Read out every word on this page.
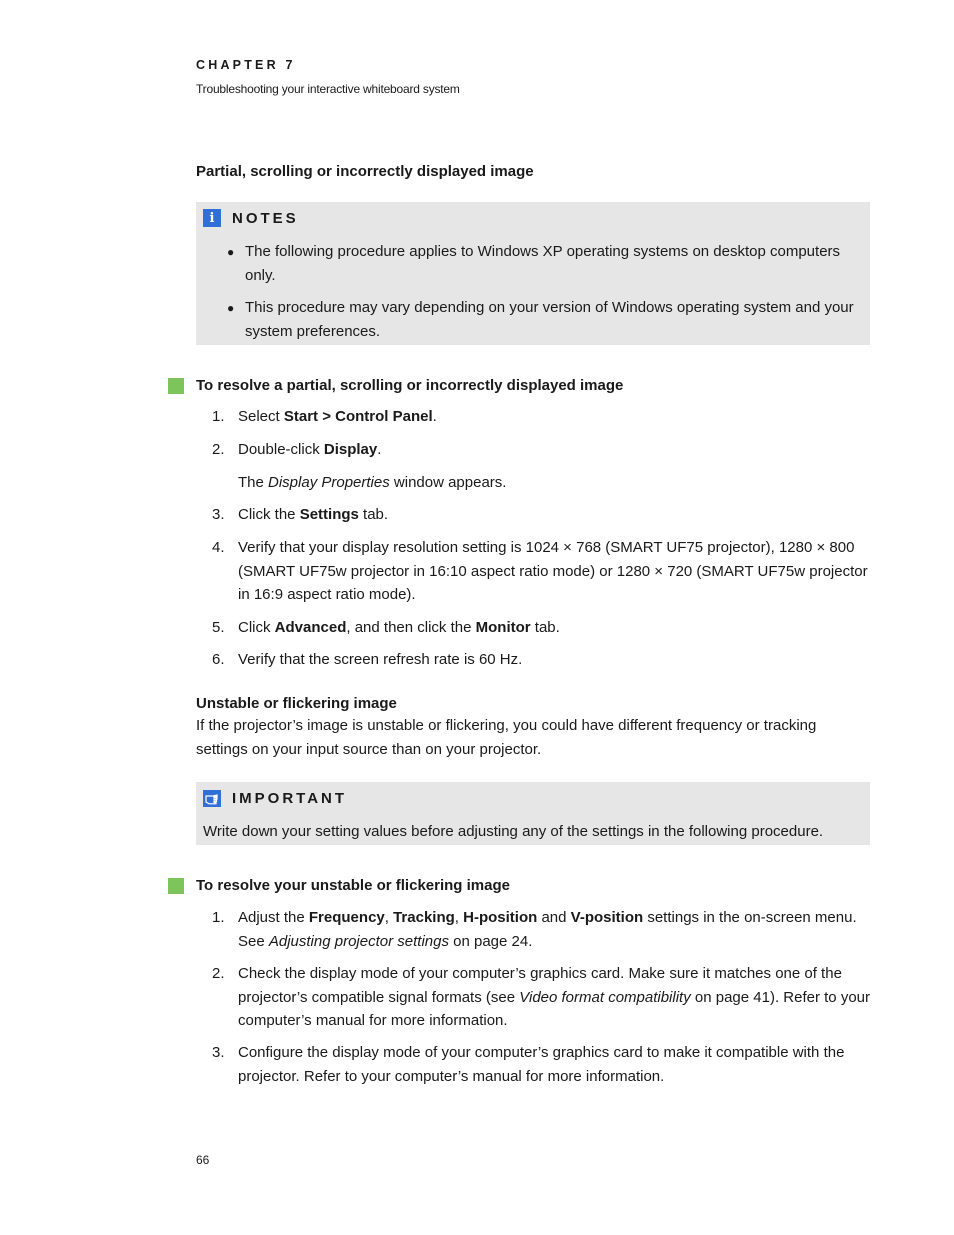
CHAPTER 7
Troubleshooting your interactive whiteboard system
Partial, scrolling or incorrectly displayed image
i	NOTES
● The following procedure applies to Windows XP operating systems on desktop computers only.
● This procedure may vary depending on your version of Windows operating system and your system preferences.
To resolve a partial, scrolling or incorrectly displayed image
1. Select Start > Control Panel.
2. Double-click Display.
The Display Properties window appears.
3. Click the Settings tab.
4. Verify that your display resolution setting is 1024 × 768 (SMART UF75 projector), 1280 × 800 (SMART UF75w projector in 16:10 aspect ratio mode) or 1280 × 720 (SMART UF75w projector in 16:9 aspect ratio mode).
5. Click Advanced, and then click the Monitor tab.
6. Verify that the screen refresh rate is 60 Hz.
Unstable or flickering image
If the projector’s image is unstable or flickering, you could have different frequency or tracking settings on your input source than on your projector.
IMPORTANT
Write down your setting values before adjusting any of the settings in the following procedure.
To resolve your unstable or flickering image
1. Adjust the Frequency, Tracking, H-position and V-position settings in the on-screen menu. See Adjusting projector settings on page 24.
2. Check the display mode of your computer’s graphics card. Make sure it matches one of the projector’s compatible signal formats (see Video format compatibility on page 41). Refer to your computer’s manual for more information.
3. Configure the display mode of your computer’s graphics card to make it compatible with the projector. Refer to your computer’s manual for more information.
66
